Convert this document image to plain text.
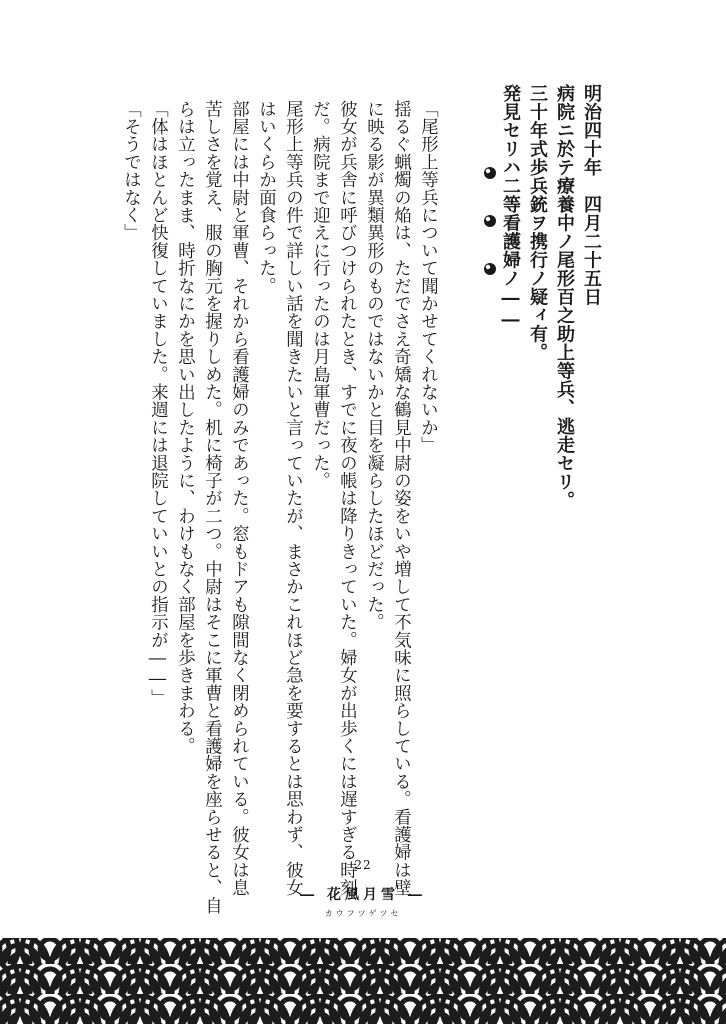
明治四十年　四月二十五日
病院ニ於テ療養中ノ尾形百之助上等兵、逃走セリ。
三十年式歩兵銃ヲ携行ノ疑ィ有。
発見セリハ二等看護婦ノ――
「尾形上等兵について聞かせてくれないか」
揺るぐ蝋燭の焔は、ただでさえ奇矯な鶴見中尉の姿をいや増して不気味に照らしている。看護婦は壁
に映る影が異類異形のものではないかと目を凝らしたほどだった。
彼女が兵舎に呼びつけられたとき、すでに夜の帳は降りきっていた。婦女が出歩くには遅すぎる時刻
だ。病院まで迎えに行ったのは月島軍曹だった。
尾形上等兵の件で詳しい話を聞きたいと言っていたが、まさかこれほど急を要するとは思わず、彼女
はいくらか面食らった。
部屋には中尉と軍曹、それから看護婦のみであった。窓もドアも隙間なく閉められている。彼女は息
苦しさを覚え、服の胸元を握りしめた。机に椅子が二つ。中尉はそこに軍曹と看護婦を座らせると、自
らは立ったまま、時折なにかを思い出したように、わけもなく部屋を歩きまわる。
「体はほとんど快復していました。来週には退院していいとの指示が――」
「そうではなく」
22
― 花風月雪 ―
カウフツゲツセ
